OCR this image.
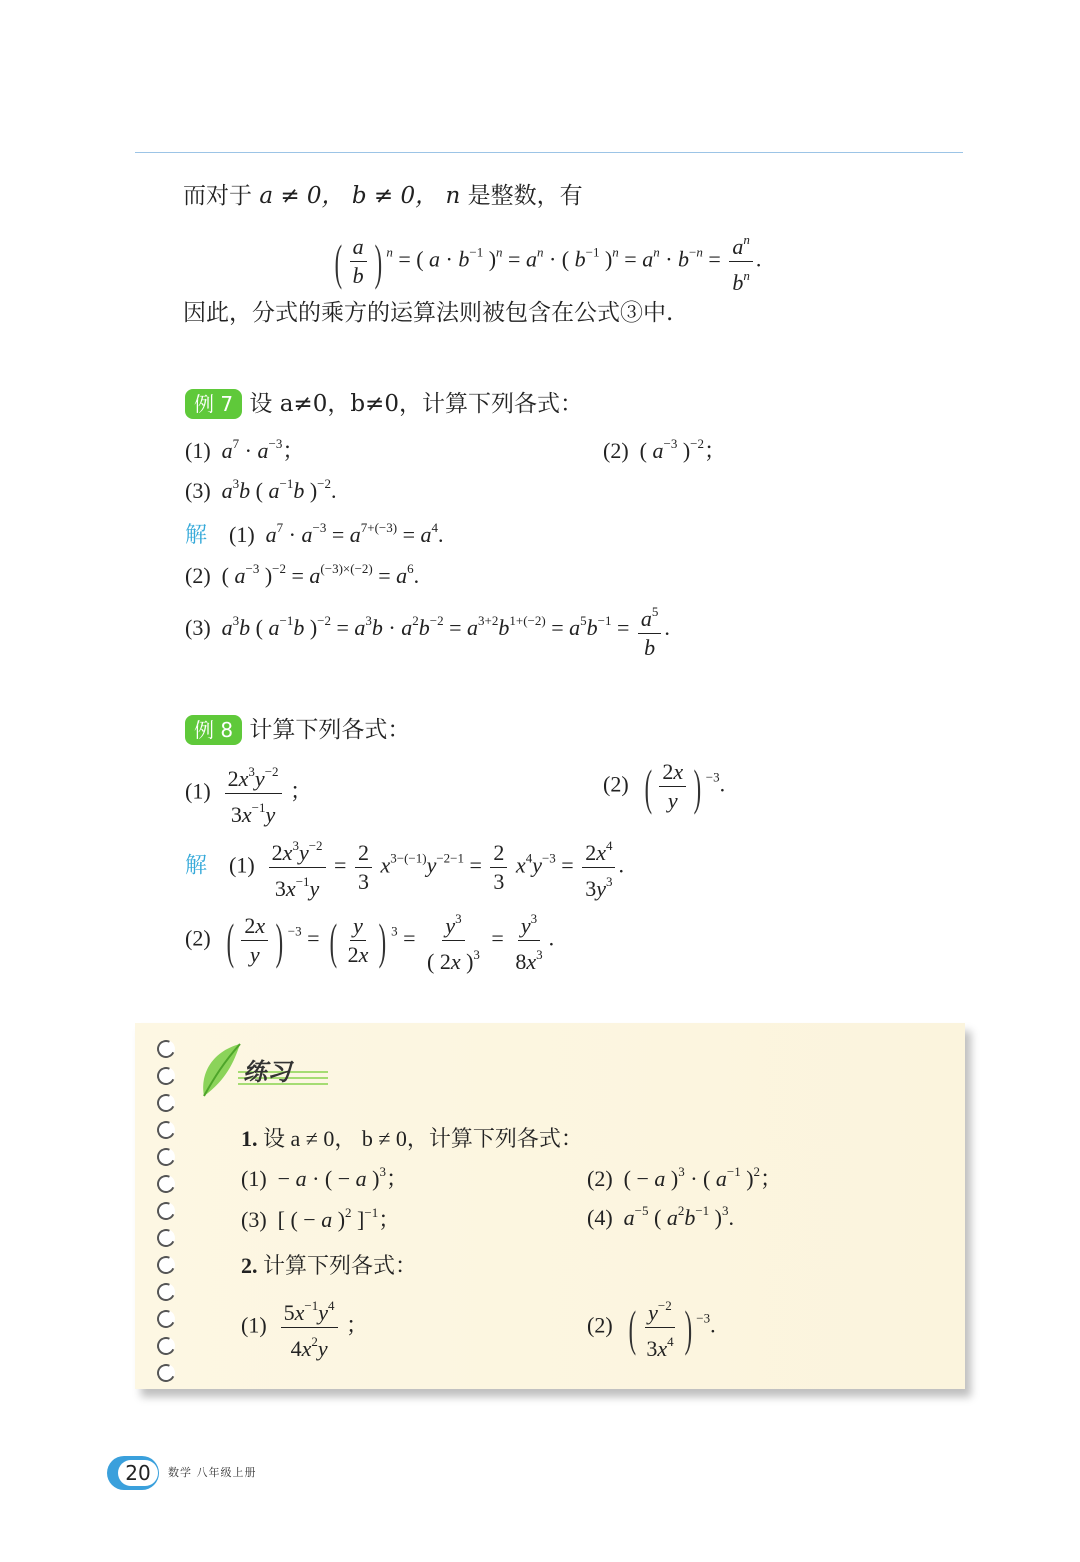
而对于 a ≠ 0， b ≠ 0， n 是整数，有
( $\frac{a}{b}$ ) $^n$ = ( $a \cdot b^{-1}$ )$^n = a^n$ · ( $b^{-1}$ )$^n = a^n \cdot b^{-n} = \frac{a^n}{b^n}$ .
因此，分式的乘方的运算法则被包含在公式③中.
例 7 设 a≠0，b≠0，计算下列各式：
(1) $a^7 \cdot a^{-3}$；	(2)  ( $a^{-3}$ )$^{-2}$；
(3) $a^3b$ ( $a^{-1}b$ )$^{-2}$.
解 (1) $a^7 \cdot a^{-3} = a^{7+(-3)} = a^4$.
(2)  ( $a^{-3}$ )$^{-2} = a^{(-3)\times(-2)} = a^6$.
(3) $a^3b$ ( $a^{-1}b$ )$^{-2} = a^3b \cdot a^2b^{-2} = a^{3+2}b^{1+(-2)} = a^5b^{-1} = \frac{a^5}{b}$ .
例 8 计算下列各式：
$(1) \frac{2x^3y^{-2}}{3x^{-1}y}$ ；	(2) ( $\frac{2x}{y}$ ) $^{-3}$.
解 $(1) \frac{2x^3y^{-2}}{3x^{-1}y} = \frac{2}{3} x^{3-(-1)}y^{-2-1} = \frac{2}{3} x^4y^{-3} = \frac{2x^4}{3y^3}$ .
(2) ( $\frac{2x}{y}$ ) $^{-3}$ = ( $\frac{y}{2x}$ ) $^3 = \frac{y^3}{( 2x )^3} = \frac{y^3}{8x^3}$ .
练习
1. 设 a ≠ 0， b ≠ 0，计算下列各式：
(1)  − a · ( − a )$^3$；	(2)  ( − a )$^3$ · ( $a^{-1}$ )$^2$；
(3)  [ ( − a )$^2$ ]$^{-1}$；	(4) $a^{-5}$ ( $a^2b^{-1}$ )$^3$.
2. 计算下列各式：
$(1) \frac{5x^{-1}y^4}{4x^2y}$ ；	(2) ( $\frac{y^{-2}}{3x^4}$ ) $^{-3}$.
20	数学 八年级上册
